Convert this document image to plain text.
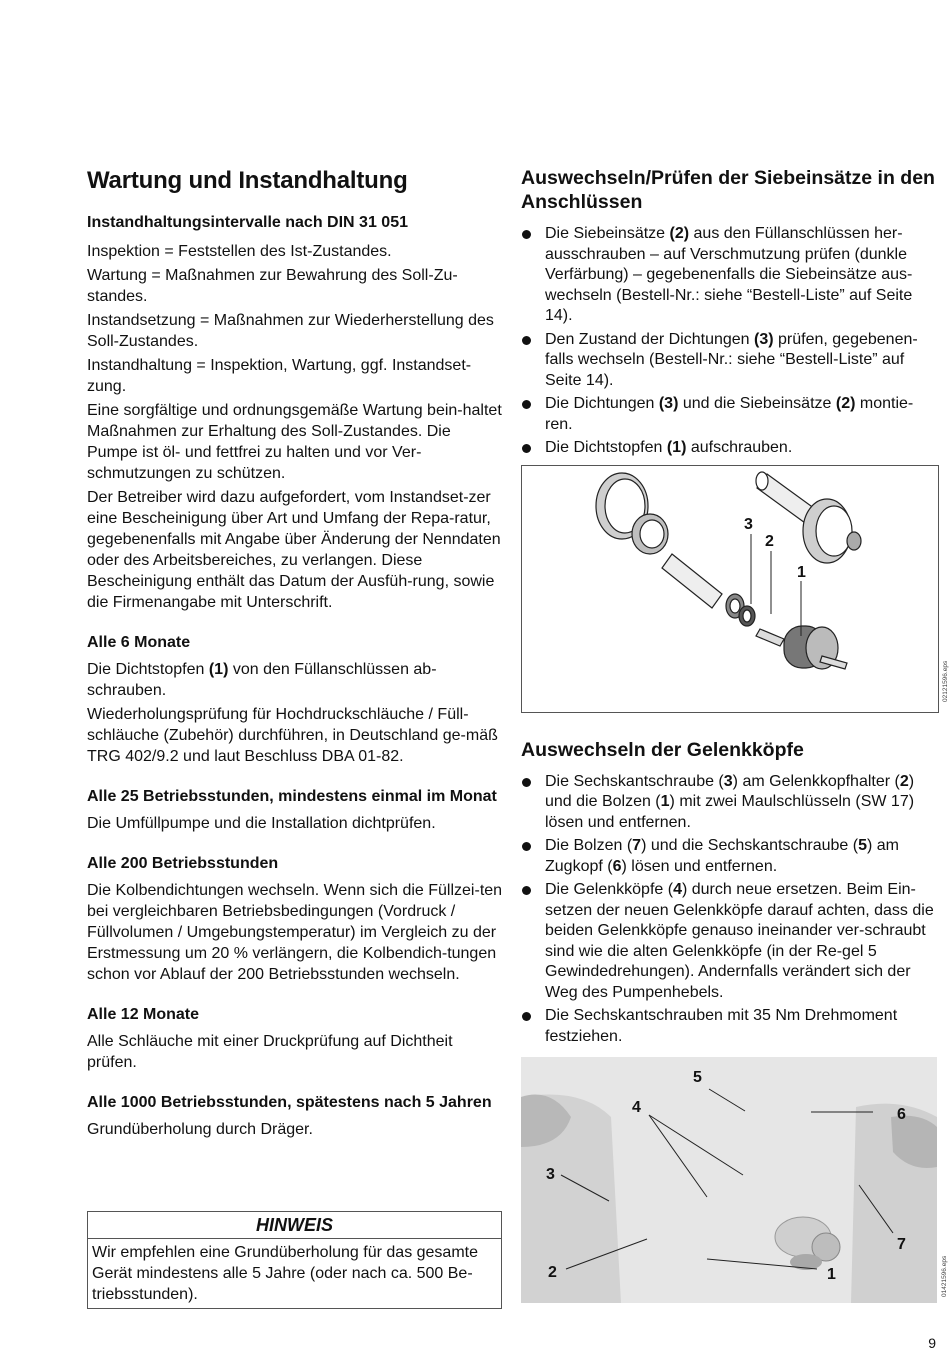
Wartung und Instandhaltung
Instandhaltungsintervalle nach DIN 31 051

Inspektion = Feststellen des Ist-Zustandes.

Wartung = Maßnahmen zur Bewahrung des Soll-Zu-standes.

Instandsetzung = Maßnahmen zur Wiederherstellung des Soll-Zustandes.

Instandhaltung = Inspektion, Wartung, ggf. Instandset-zung.

Eine sorgfältige und ordnungsgemäße Wartung bein-haltet Maßnahmen zur Erhaltung des Soll-Zustandes. Die Pumpe ist öl- und fettfrei zu halten und vor Ver-schmutzungen zu schützen.

Der Betreiber wird dazu aufgefordert, vom Instandset-zer eine Bescheinigung über Art und Umfang der Repa-ratur, gegebenenfalls mit Angabe über Änderung der Nenndaten oder des Arbeitsbereiches, zu verlangen. Diese Bescheinigung enthält das Datum der Ausfüh-rung, sowie die Firmenangabe mit Unterschrift.

Alle 6 Monate

Die Dichtstopfen (1) von den Füllanschlüssen ab-schrauben.

Wiederholungsprüfung für Hochdruckschläuche / Füll-schläuche (Zubehör) durchführen, in Deutschland ge-mäß TRG 402/9.2 und laut Beschluss DBA 01-82.

Alle 25 Betriebsstunden, mindestens einmal im Monat

Die Umfüllpumpe und die Installation dichtprüfen.

Alle 200 Betriebsstunden

Die Kolbendichtungen wechseln. Wenn sich die Füllzei-ten bei vergleichbaren Betriebsbedingungen (Vordruck / Füllvolumen / Umgebungstemperatur) im Vergleich zu der Erstmessung um 20 % verlängern, die Kolbendich-tungen schon vor Ablauf der 200 Betriebsstunden wechseln.

Alle 12 Monate

Alle Schläuche mit einer Druckprüfung auf Dichtheit prüfen.

Alle 1000 Betriebsstunden, spätestens nach 5 Jahren

Grundüberholung durch Dräger.

HINWEIS
Wir empfehlen eine Grundüberholung für das gesamte Gerät mindestens alle 5 Jahre (oder nach ca. 500 Be-triebsstunden).
Auswechseln/Prüfen der Siebeinsätze in den Anschlüssen
Die Siebeinsätze (2) aus den Füllanschlüssen her-ausschrauben – auf Verschmutzung prüfen (dunkle Verfärbung) – gegebenenfalls die Siebeinsätze aus-wechseln (Bestell-Nr.: siehe “Bestell-Liste” auf Seite 14).
Den Zustand der Dichtungen (3) prüfen, gegebenen-falls wechseln (Bestell-Nr.: siehe “Bestell-Liste” auf Seite 14).
Die Dichtungen (3) und die Siebeinsätze (2) montie-ren.
Die Dichtstopfen (1) aufschrauben.
3
2
1
02121596.eps
Auswechseln der Gelenkköpfe
Die Sechskantschraube (3) am Gelenkkopfhalter (2) und die Bolzen (1) mit zwei Maulschlüsseln (SW 17) lösen und entfernen.
Die Bolzen (7) und die Sechskantschraube (5) am Zugkopf (6) lösen und entfernen.
Die Gelenkköpfe (4) durch neue ersetzen. Beim Ein-setzen der neuen Gelenkköpfe darauf achten, dass die beiden Gelenkköpfe genauso ineinander ver-schraubt sind wie die alten Gelenkköpfe (in der Re-gel 5 Gewindedrehungen). Andernfalls verändert sich der Weg des Pumpenhebels.
Die Sechskantschrauben mit 35 Nm Drehmoment festziehen.
5
4	6
3
7
2	1	01421596.eps
9
